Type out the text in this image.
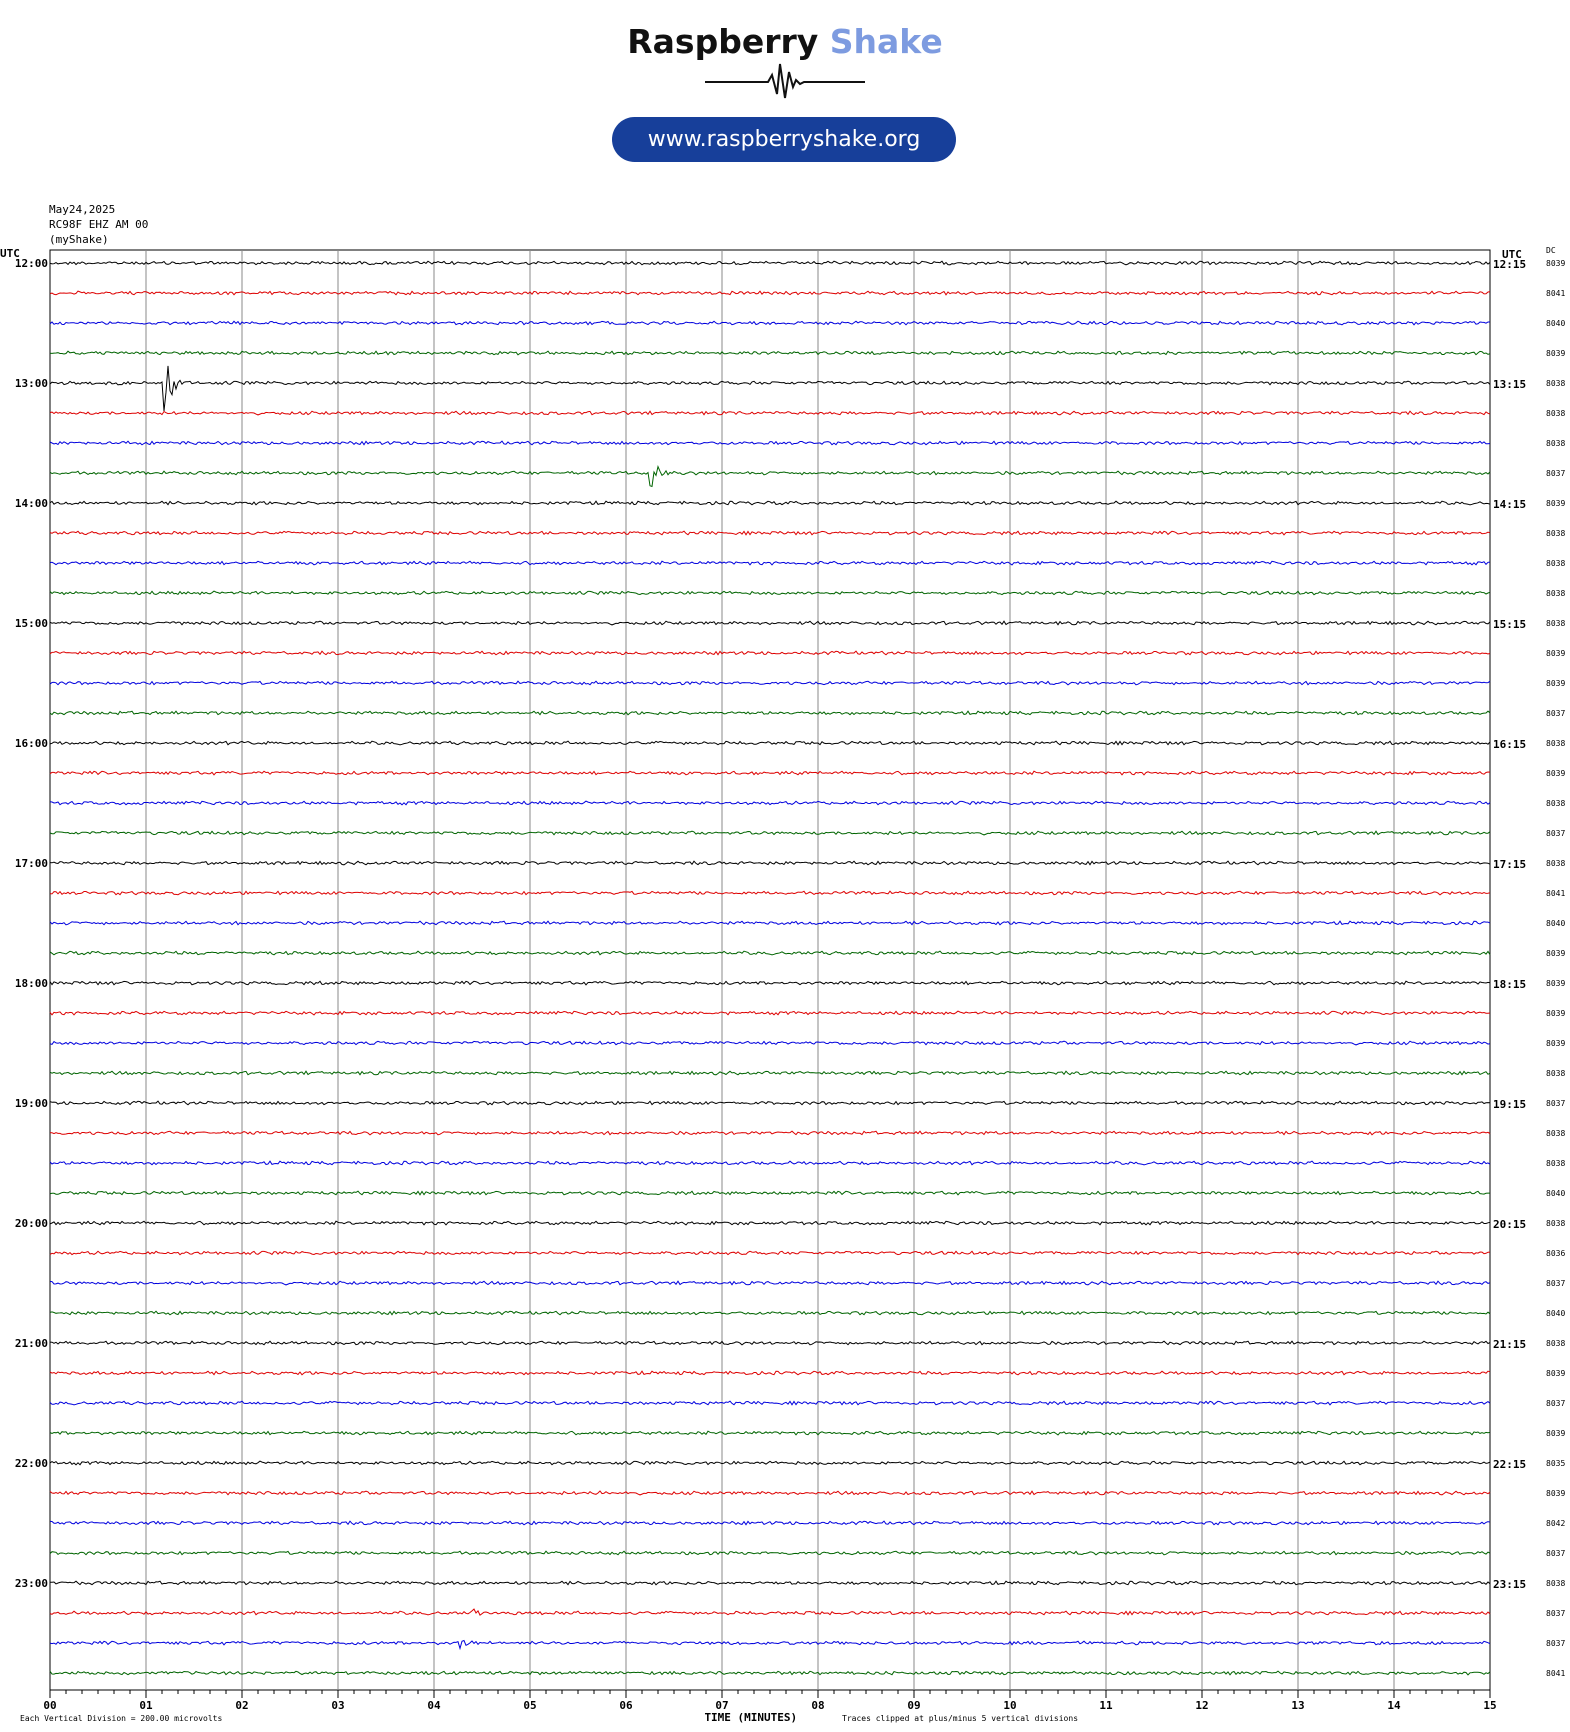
Raspberry Shake
www.raspberryshake.org
May24,2025
RC98F EHZ AM 00
(myShake)
UTC	UTC	DC
12:00
13:00
14:00
15:00
16:00
17:00
18:00
19:00
20:00
21:00
22:00
23:00
12:15
13:15
14:15
15:15
16:15
17:15
18:15
19:15
20:15
21:15
22:15
23:15
8039
8041
8040
8039
8038
8038
8038
8037
8039
8038
8038
8038
8038
8039
8039
8037
8038
8039
8038
8037
8038
8041
8040
8039
8039
8039
8039
8038
8037
8038
8038
8040
8038
8036
8037
8040
8038
8039
8037
8039
8035
8039
8042
8037
8038
8037
8037
8041
00	01	02	03	04	05	06	07	08	09	10	11	12	13	14	15
TIME (MINUTES)
Each Vertical Division = 200.00 microvolts	Traces clipped at plus/minus 5 vertical divisions
